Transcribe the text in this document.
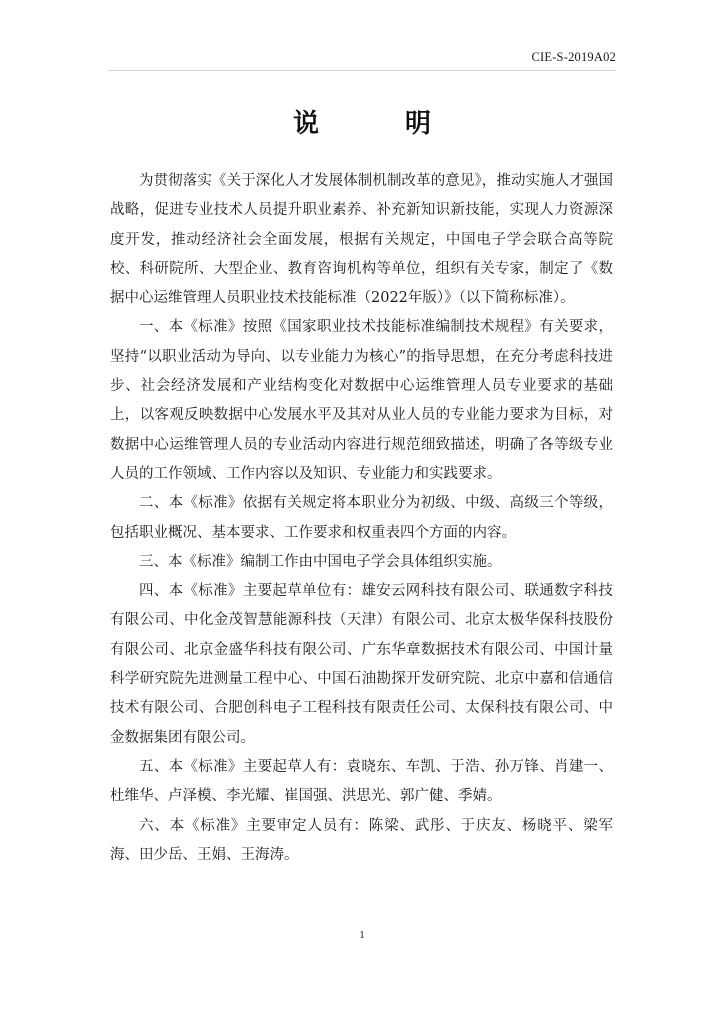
CIE-S-2019A02
说　明

为贯彻落实《关于深化人才发展体制机制改革的意见》，推动实施人才强国战略，促进专业技术人员提升职业素养、补充新知识新技能，实现人力资源深度开发，推动经济社会全面发展，根据有关规定，中国电子学会联合高等院校、科研院所、大型企业、教育咨询机构等单位，组织有关专家，制定了《数据中心运维管理人员职业技术技能标准（2022年版）》（以下简称标准）。

一、本《标准》按照《国家职业技术技能标准编制技术规程》有关要求，坚持“以职业活动为导向、以专业能力为核心”的指导思想，在充分考虑科技进步、社会经济发展和产业结构变化对数据中心运维管理人员专业要求的基础上，以客观反映数据中心发展水平及其对从业人员的专业能力要求为目标，对数据中心运维管理人员的专业活动内容进行规范细致描述，明确了各等级专业人员的工作领域、工作内容以及知识、专业能力和实践要求。

二、本《标准》依据有关规定将本职业分为初级、中级、高级三个等级，包括职业概况、基本要求、工作要求和权重表四个方面的内容。

三、本《标准》编制工作由中国电子学会具体组织实施。

四、本《标准》主要起草单位有：雄安云网科技有限公司、联通数字科技有限公司、中化金茂智慧能源科技（天津）有限公司、北京太极华保科技股份有限公司、北京金盛华科技有限公司、广东华章数据技术有限公司、中国计量科学研究院先进测量工程中心、中国石油勘探开发研究院、北京中嘉和信通信技术有限公司、合肥创科电子工程科技有限责任公司、太保科技有限公司、中金数据集团有限公司。

五、本《标准》主要起草人有：袁晓东、车凯、于浩、孙万锋、肖建一、杜维华、卢泽模、李光耀、崔国强、洪思光、郭广健、季婧。

六、本《标准》主要审定人员有：陈梁、武彤、于庆友、杨晓平、梁军海、田少岳、王娟、王海涛。

1
